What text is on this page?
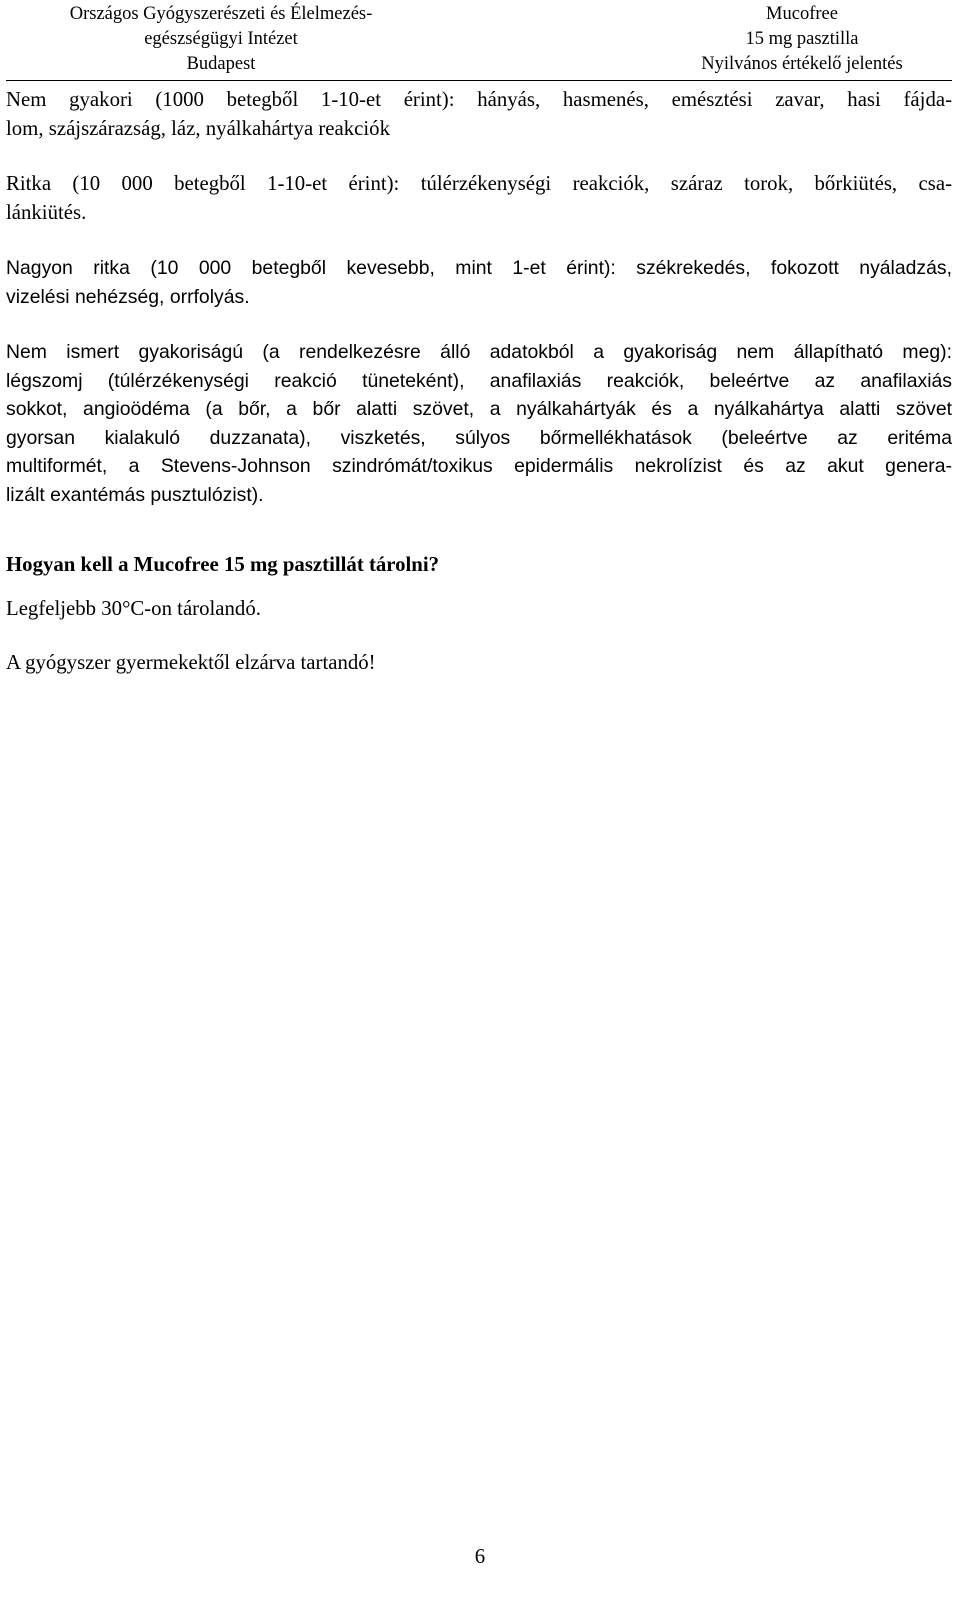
Országos Gyógyszerészeti és Élelmezés-
egészségügyi Intézet
Budapest
Mucofree
15 mg pasztilla
Nyilvános értékelő jelentés
Nem gyakori (1000 betegből 1-10-et érint): hányás, hasmenés, emésztési zavar, hasi fájda-
lom, szájszárazság, láz, nyálkahártya reakciók
Ritka (10 000 betegből 1-10-et érint): túlérzékenységi reakciók, száraz torok, bőrkiütés, csa-
lánkiütés.
Nagyon ritka (10 000 betegből kevesebb, mint 1-et érint): székrekedés, fokozott nyáladzás,
vizelési nehézség, orrfolyás.
Nem ismert gyakoriságú (a rendelkezésre álló adatokból a gyakoriság nem állapítható meg):
légszomj (túlérzékenységi reakció tüneteként), anafilaxiás reakciók, beleértve az anafilaxiás
sokkot, angioödéma (a bőr, a bőr alatti szövet, a nyálkahártyák és a nyálkahártya alatti szövet
gyorsan kialakuló duzzanata), viszketés, súlyos bőrmellékhatások (beleértve az eritéma
multiformét, a Stevens-Johnson szindrómát/toxikus epidermális nekrolízist és az akut genera-
lizált exantémás pusztulózist).
Hogyan kell a Mucofree 15 mg pasztillát tárolni?
Legfeljebb 30°C-on tárolandó.
A gyógyszer gyermekektől elzárva tartandó!
6
